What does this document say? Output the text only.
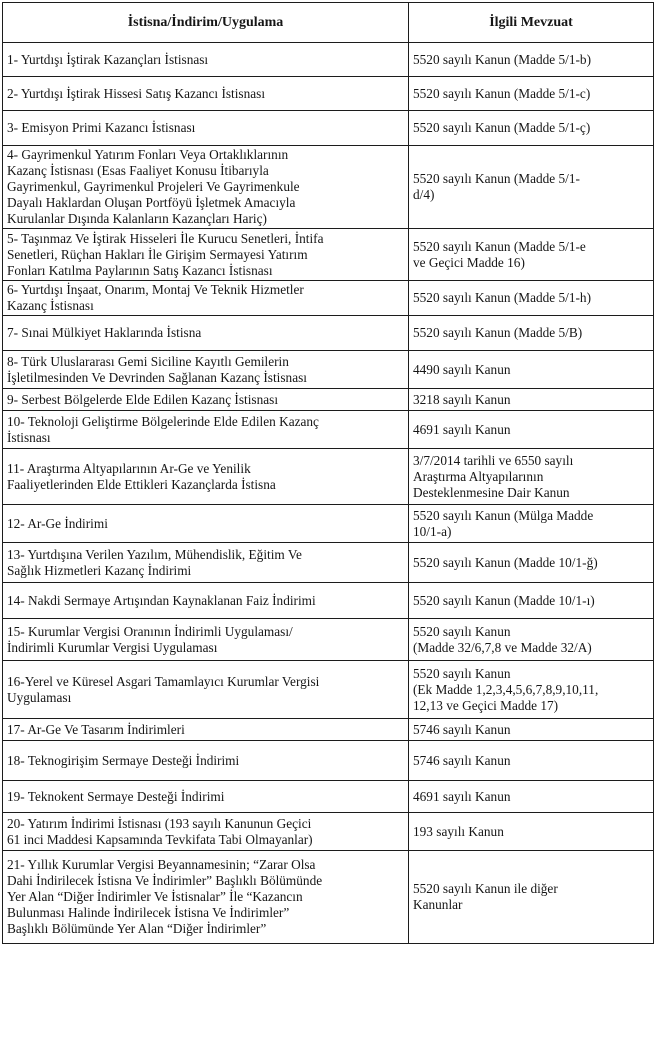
İstisna/İndirim/Uygulama	İlgili Mevzuat

1- Yurtdışı İştirak Kazançları İstisnası	5520 sayılı Kanun (Madde 5/1-b)

2- Yurtdışı İştirak Hissesi Satış Kazancı İstisnası	5520 sayılı Kanun (Madde 5/1-c)

3- Emisyon Primi Kazancı İstisnası	5520 sayılı Kanun (Madde 5/1-ç)

4- Gayrimenkul Yatırım Fonları Veya Ortaklıklarının
Kazanç İstisnası (Esas Faaliyet Konusu İtibarıyla
Gayrimenkul, Gayrimenkul Projeleri Ve Gayrimenkule
Dayalı Haklardan Oluşan Portföyü İşletmek Amacıyla
Kurulanlar Dışında Kalanların Kazançları Hariç)	5520 sayılı Kanun (Madde 5/1-
d/4)

5- Taşınmaz Ve İştirak Hisseleri İle Kurucu Senetleri, İntifa
Senetleri, Rüçhan Hakları İle Girişim Sermayesi Yatırım
Fonları Katılma Paylarının Satış Kazancı İstisnası	5520 sayılı Kanun (Madde 5/1-e
ve Geçici Madde 16)

6- Yurtdışı İnşaat, Onarım, Montaj Ve Teknik Hizmetler
Kazanç İstisnası	5520 sayılı Kanun (Madde 5/1-h)

7- Sınai Mülkiyet Haklarında İstisna	5520 sayılı Kanun (Madde 5/B)

8- Türk Uluslararası Gemi Siciline Kayıtlı Gemilerin
İşletilmesinden Ve Devrinden Sağlanan Kazanç İstisnası	4490 sayılı Kanun

9- Serbest Bölgelerde Elde Edilen Kazanç İstisnası	3218 sayılı Kanun

10- Teknoloji Geliştirme Bölgelerinde Elde Edilen Kazanç
İstisnası	4691 sayılı Kanun

11- Araştırma Altyapılarının Ar-Ge ve Yenilik
Faaliyetlerinden Elde Ettikleri Kazançlarda İstisna	3/7/2014 tarihli ve 6550 sayılı
Araştırma Altyapılarının
Desteklenmesine Dair Kanun

12- Ar-Ge İndirimi	5520 sayılı Kanun (Mülga Madde
10/1-a)

13- Yurtdışına Verilen Yazılım, Mühendislik, Eğitim Ve
Sağlık Hizmetleri Kazanç İndirimi	5520 sayılı Kanun (Madde 10/1-ğ)

14- Nakdi Sermaye Artışından Kaynaklanan Faiz İndirimi	5520 sayılı Kanun (Madde 10/1-ı)

15- Kurumlar Vergisi Oranının İndirimli Uygulaması/
İndirimli Kurumlar Vergisi Uygulaması	5520 sayılı Kanun
(Madde 32/6,7,8 ve Madde 32/A)

16-Yerel ve Küresel Asgari Tamamlayıcı Kurumlar Vergisi
Uygulaması	5520 sayılı Kanun
(Ek Madde 1,2,3,4,5,6,7,8,9,10,11,
12,13 ve Geçici Madde 17)

17- Ar-Ge Ve Tasarım İndirimleri	5746 sayılı Kanun

18- Teknogirişim Sermaye Desteği İndirimi	5746 sayılı Kanun

19- Teknokent Sermaye Desteği İndirimi	4691 sayılı Kanun

20- Yatırım İndirimi İstisnası (193 sayılı Kanunun Geçici
61 inci Maddesi Kapsamında Tevkifata Tabi Olmayanlar)	193 sayılı Kanun

21- Yıllık Kurumlar Vergisi Beyannamesinin; “Zarar Olsa
Dahi İndirilecek İstisna Ve İndirimler” Başlıklı Bölümünde
Yer Alan “Diğer İndirimler Ve İstisnalar” İle “Kazancın
Bulunması Halinde İndirilecek İstisna Ve İndirimler”
Başlıklı Bölümünde Yer Alan “Diğer İndirimler”	5520 sayılı Kanun ile diğer
Kanunlar
